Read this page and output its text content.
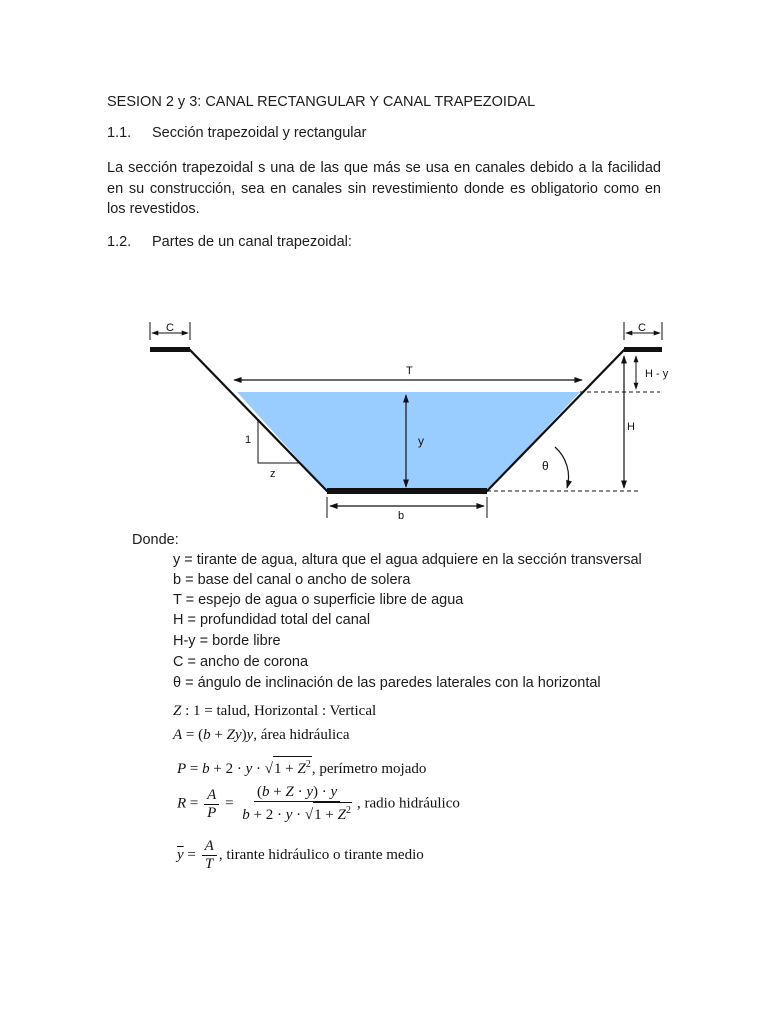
SESION 2 y 3: CANAL RECTANGULAR Y CANAL TRAPEZOIDAL
1.1. Sección trapezoidal y rectangular
La sección trapezoidal s una de las que más se usa en canales debido a la facilidad en su construcción, sea en canales sin revestimiento donde es obligatorio como en los revestidos.
1.2. Partes de un canal trapezoidal:
C	C
T
y
1
z
θ
H
H - y
b
Donde:
y = tirante de agua, altura que el agua adquiere en la sección transversal
b = base del canal o ancho de solera
T = espejo de agua o superficie libre de agua
H = profundidad total del canal
H-y = borde libre
C = ancho de corona
θ = ángulo de inclinación de las paredes laterales con la horizontal
Z : 1 = talud, Horizontal : Vertical
A = (b + Zy)y, área hidráulica
$P = b + 2 \cdot y \cdot √1 + Z^2$, perímetro mojado
$R = \frac{A}{P} = \frac{(b + Z \cdot y) \cdot y}{b + 2 \cdot y \cdot √1 + Z^2}$ , radio hidráulico
$\overline{y} = \frac{A}{T}$ , tirante hidráulico o tirante medio
